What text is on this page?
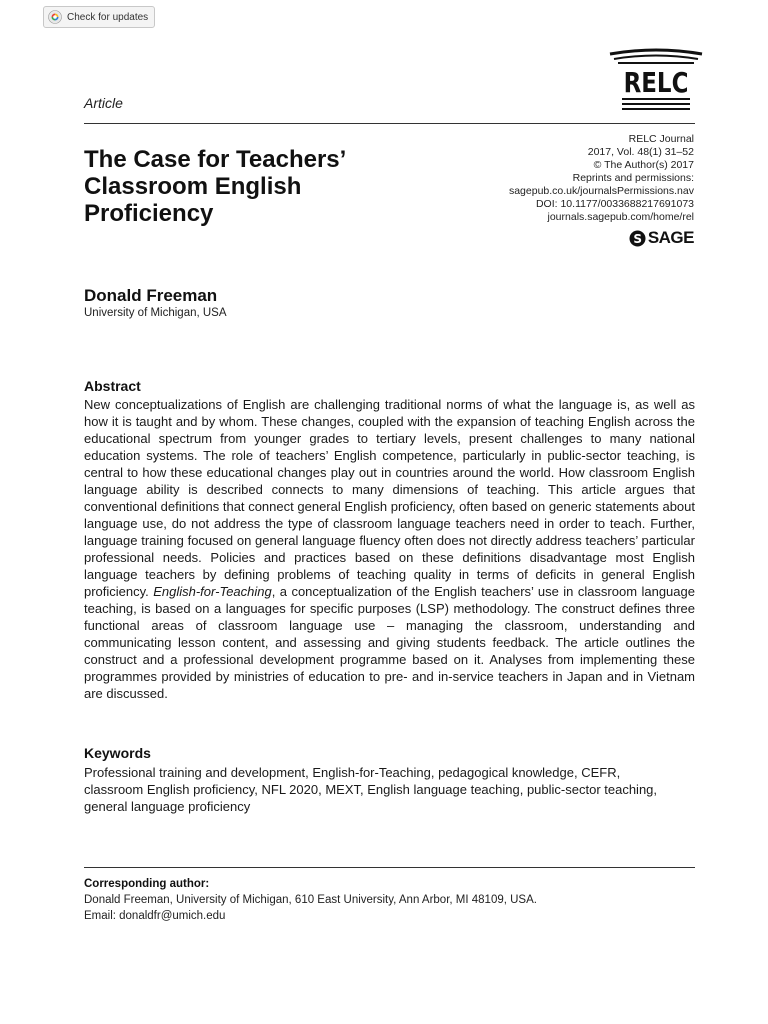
Check for updates
RELC
Article
The Case for Teachers’
Classroom English
Proficiency
RELC Journal
2017, Vol. 48(1) 31–52
© The Author(s) 2017
Reprints and permissions:
sagepub.co.uk/journalsPermissions.nav
DOI: 10.1177/0033688217691073
journals.sagepub.com/home/rel
S SAGE
Donald Freeman
University of Michigan, USA
Abstract

New conceptualizations of English are challenging traditional norms of what the language is, as well as how it is taught and by whom. These changes, coupled with the expansion of teaching English across the educational spectrum from younger grades to tertiary levels, present challenges to many national education systems. The role of teachers’ English competence, particularly in public-sector teaching, is central to how these educational changes play out in countries around the world. How classroom English language ability is described connects to many dimensions of teaching. This article argues that conventional definitions that connect general English proficiency, often based on generic statements about language use, do not address the type of classroom language teachers need in order to teach. Further, language training focused on general language fluency often does not directly address teachers’ particular professional needs. Policies and practices based on these definitions disadvantage most English language teachers by defining problems of teaching quality in terms of deficits in general English proficiency. English-for-Teaching, a conceptualization of the English teachers’ use in classroom language teaching, is based on a languages for specific purposes (LSP) methodology. The construct defines three functional areas of classroom language use – managing the classroom, understanding and communicating lesson content, and assessing and giving students feedback. The article outlines the construct and a professional development programme based on it. Analyses from implementing these programmes provided by ministries of education to pre- and in-service teachers in Japan and in Vietnam are discussed.

Keywords

Professional training and development, English-for-Teaching, pedagogical knowledge, CEFR, classroom English proficiency, NFL 2020, MEXT, English language teaching, public-sector teaching, general language proficiency

Corresponding author:
Donald Freeman, University of Michigan, 610 East University, Ann Arbor, MI 48109, USA.
Email: donaldfr@umich.edu
